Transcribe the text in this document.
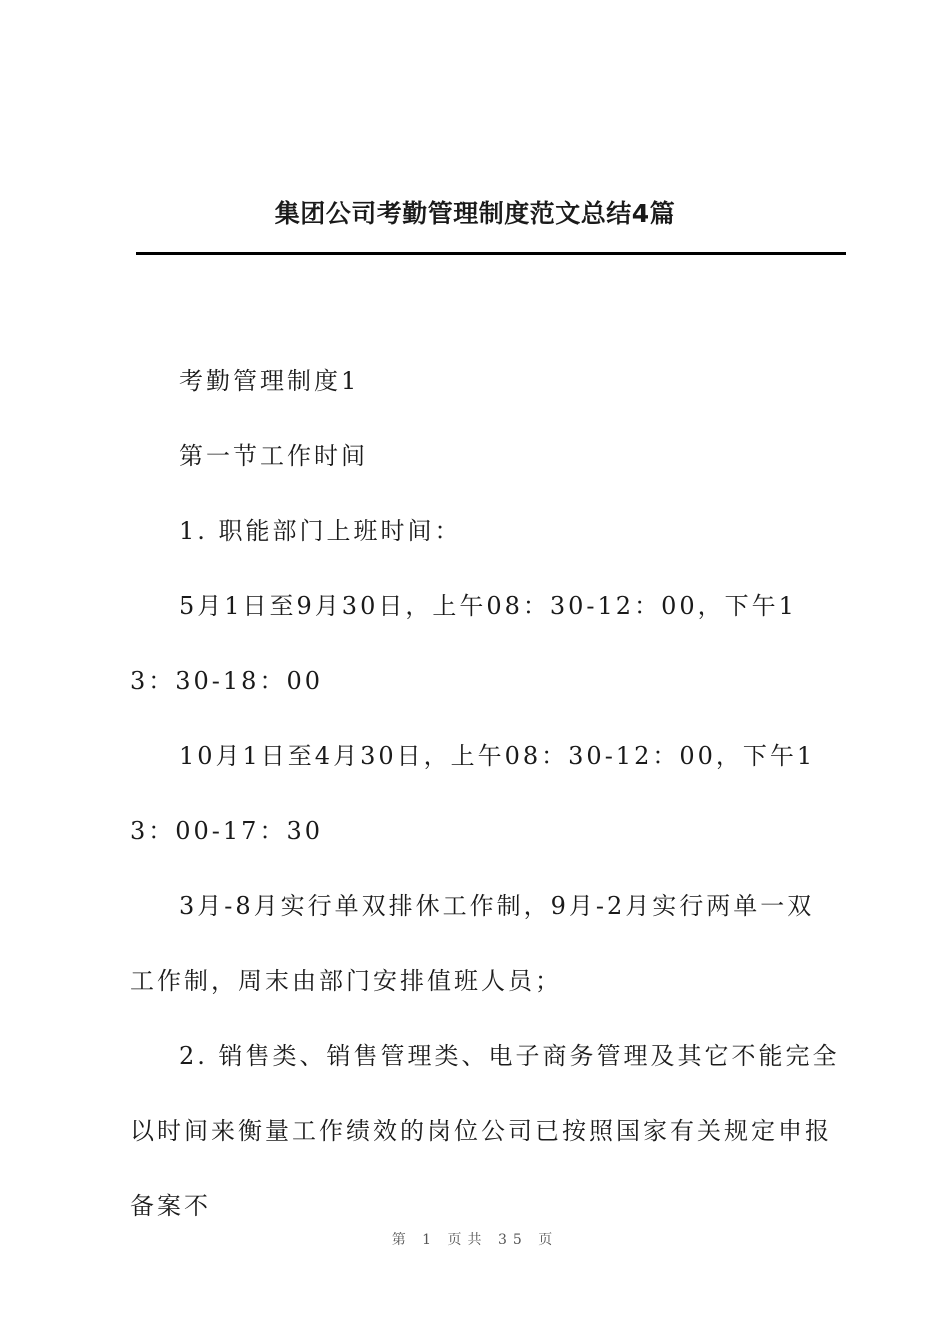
集团公司考勤管理制度范文总结4篇

考勤管理制度1

第一节工作时间

1. 职能部门上班时间：

5月1日至9月30日，上午08：30-12：00，下午13：30-18：00

10月1日至4月30日，上午08：30-12：00，下午13：00-17：30

3月-8月实行单双排休工作制，9月-2月实行两单一双工作制，周末由部门安排值班人员；

2. 销售类、销售管理类、电子商务管理及其它不能完全以时间来衡量工作绩效的岗位公司已按照国家有关规定申报备案不

第 1 页共 35 页
